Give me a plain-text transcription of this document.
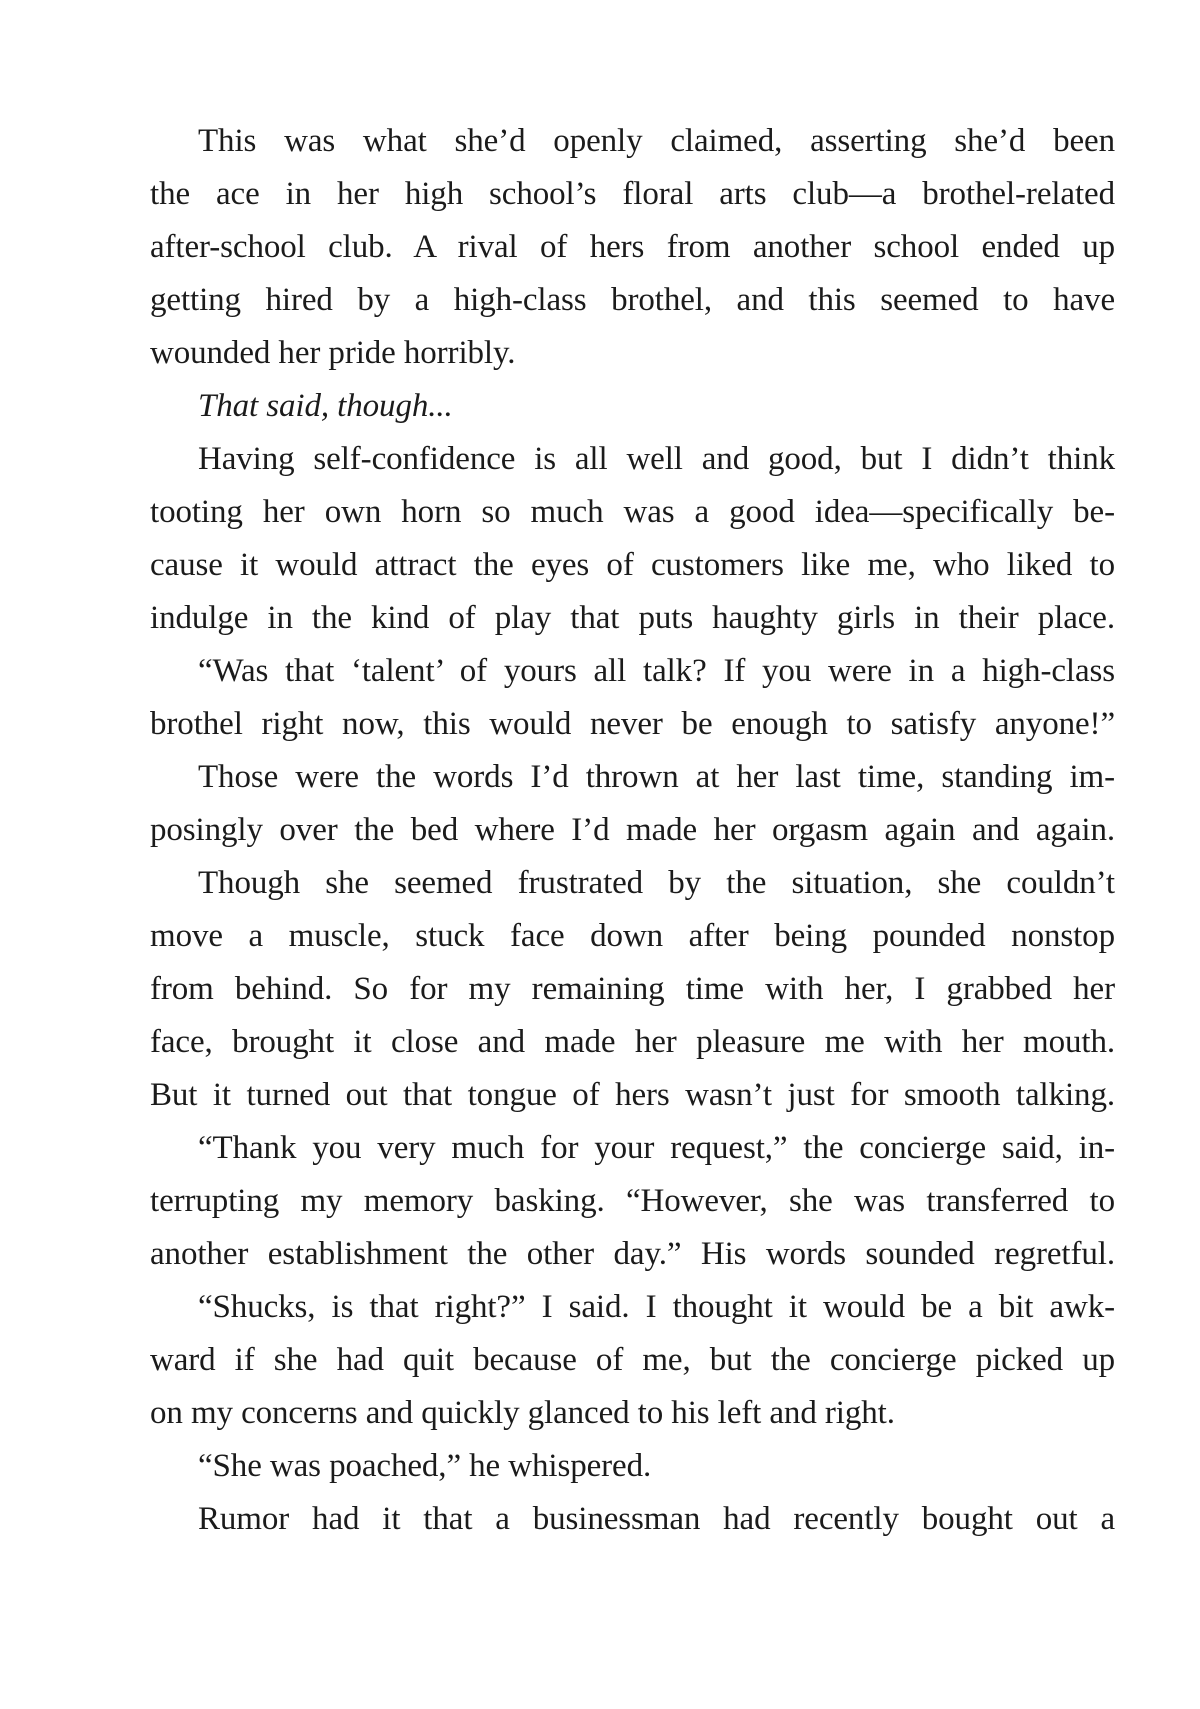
This was what she’d openly claimed, asserting she’d been
the ace in her high school’s floral arts club—a brothel-related
after-school club. A rival of hers from another school ended up
getting hired by a high-class brothel, and this seemed to have
wounded her pride horribly.
That said, though...
Having self-confidence is all well and good, but I didn’t think
tooting her own horn so much was a good idea—specifically be-
cause it would attract the eyes of customers like me, who liked to
indulge in the kind of play that puts haughty girls in their place.
“Was that ‘talent’ of yours all talk? If you were in a high-class
brothel right now, this would never be enough to satisfy anyone!”
Those were the words I’d thrown at her last time, standing im-
posingly over the bed where I’d made her orgasm again and again.
Though she seemed frustrated by the situation, she couldn’t
move a muscle, stuck face down after being pounded nonstop
from behind. So for my remaining time with her, I grabbed her
face, brought it close and made her pleasure me with her mouth.
But it turned out that tongue of hers wasn’t just for smooth talking.
“Thank you very much for your request,” the concierge said, in-
terrupting my memory basking. “However, she was transferred to
another establishment the other day.” His words sounded regretful.
“Shucks, is that right?” I said. I thought it would be a bit awk-
ward if she had quit because of me, but the concierge picked up
on my concerns and quickly glanced to his left and right.
“She was poached,” he whispered.
Rumor had it that a businessman had recently bought out a
